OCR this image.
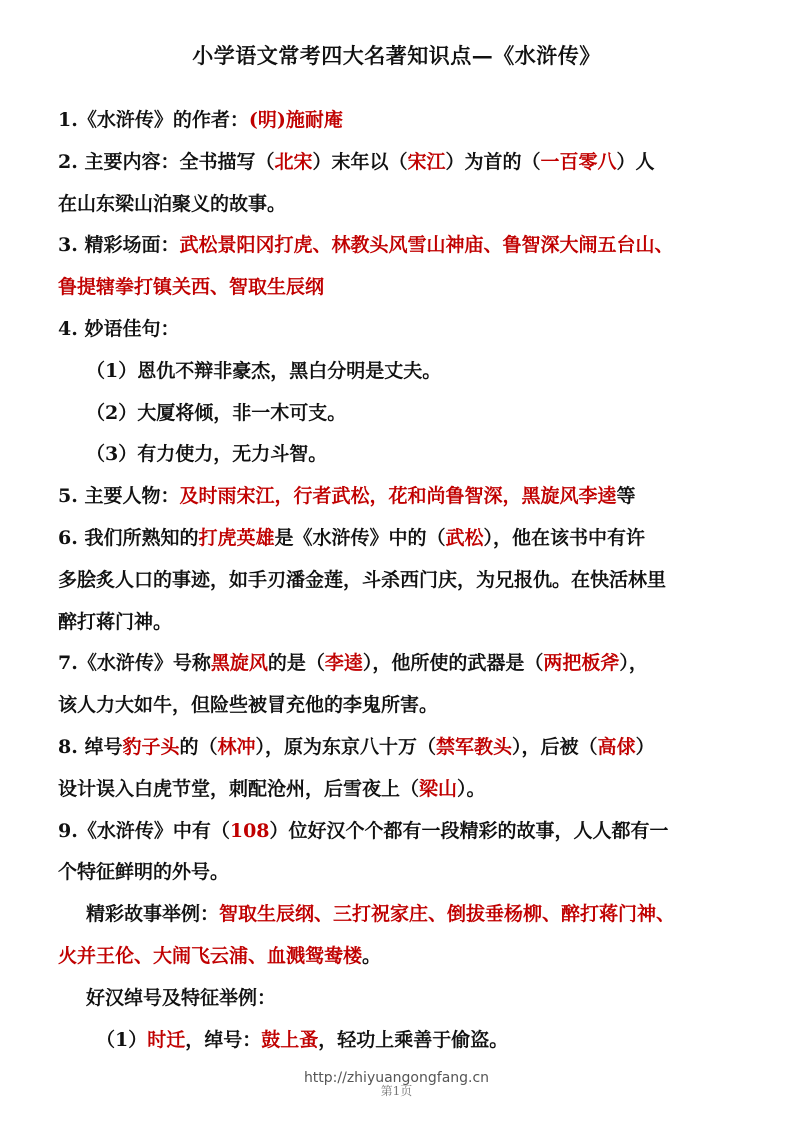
小学语文常考四大名著知识点—《水浒传》
1.《水浒传》的作者：(明)施耐庵
2. 主要内容：全书描写（北宋）末年以（宋江）为首的（一百零八）人
在山东梁山泊聚义的故事。
3. 精彩场面：武松景阳冈打虎、林教头风雪山神庙、鲁智深大闹五台山、
鲁提辖拳打镇关西、智取生辰纲
4. 妙语佳句：
（1）恩仇不辩非豪杰，黑白分明是丈夫。
（2）大厦将倾，非一木可支。
（3）有力使力，无力斗智。
5. 主要人物：及时雨宋江，行者武松，花和尚鲁智深，黑旋风李逵等
6. 我们所熟知的打虎英雄是《水浒传》中的（武松），他在该书中有许
多脍炙人口的事迹，如手刃潘金莲，斗杀西门庆，为兄报仇。在快活林里
醉打蒋门神。
7.《水浒传》号称黑旋风的是（李逵），他所使的武器是（两把板斧），
该人力大如牛，但险些被冒充他的李鬼所害。
8. 绰号豹子头的（林冲），原为东京八十万（禁军教头），后被（高俅）
设计误入白虎节堂，刺配沧州，后雪夜上（梁山）。
9.《水浒传》中有（108）位好汉个个都有一段精彩的故事，人人都有一
个特征鲜明的外号。
精彩故事举例：智取生辰纲、三打祝家庄、倒拔垂杨柳、醉打蒋门神、
火并王伦、大闹飞云浦、血溅鸳鸯楼。
好汉绰号及特征举例：
（1）时迁，绰号：鼓上蚤，轻功上乘善于偷盗。
http://zhiyuangongfang.cn
第1页
